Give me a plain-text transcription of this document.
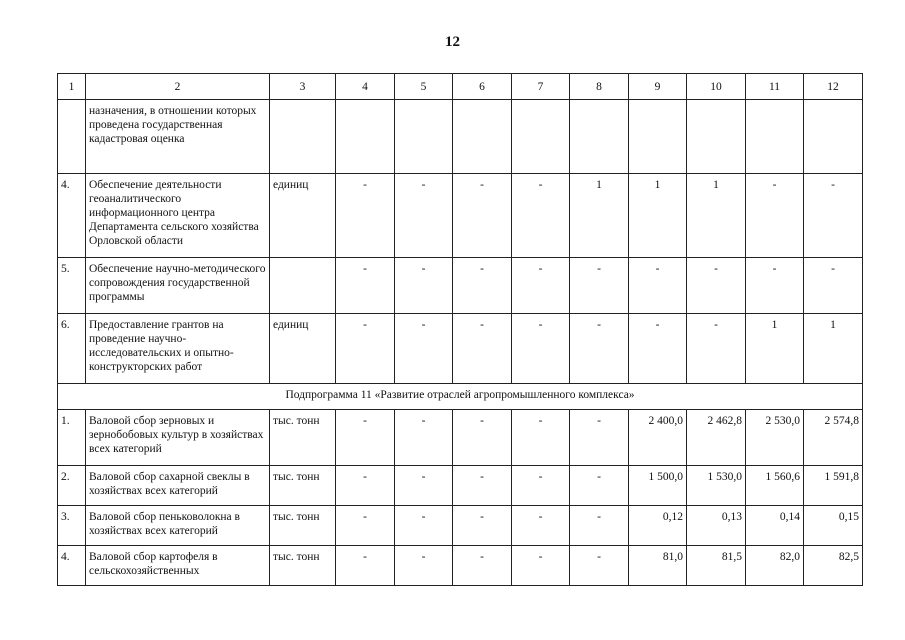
12
1	2	3	4	5	6	7	8	9	10	11	12
	назначения, в отношении которых проведена государственная кадастровая оценка										
4.	Обеспечение деятельности геоаналитического информационного центра Департамента сельского хозяйства Орловской области	единиц	-	-	-	-	1	1	1	-	-
5.	Обеспечение научно-методического сопровождения государственной программы		-	-	-	-	-	-	-	-	-
6.	Предоставление грантов на проведение научно-исследовательских и опытно-конструкторских работ	единиц	-	-	-	-	-	-	-	1	1
Подпрограмма 11 «Развитие отраслей агропромышленного комплекса»											
1.	Валовой сбор зерновых и зернобобовых культур в хозяйствах всех категорий	тыс. тонн	-	-	-	-	-	2 400,0	2 462,8	2 530,0	2 574,8
2.	Валовой сбор сахарной свеклы в хозяйствах всех категорий	тыс. тонн	-	-	-	-	-	1 500,0	1 530,0	1 560,6	1 591,8
3.	Валовой сбор пеньковолокна в хозяйствах всех категорий	тыс. тонн	-	-	-	-	-	0,12	0,13	0,14	0,15
4.	Валовой сбор картофеля в сельскохозяйственных	тыс. тонн	-	-	-	-	-	81,0	81,5	82,0	82,5
